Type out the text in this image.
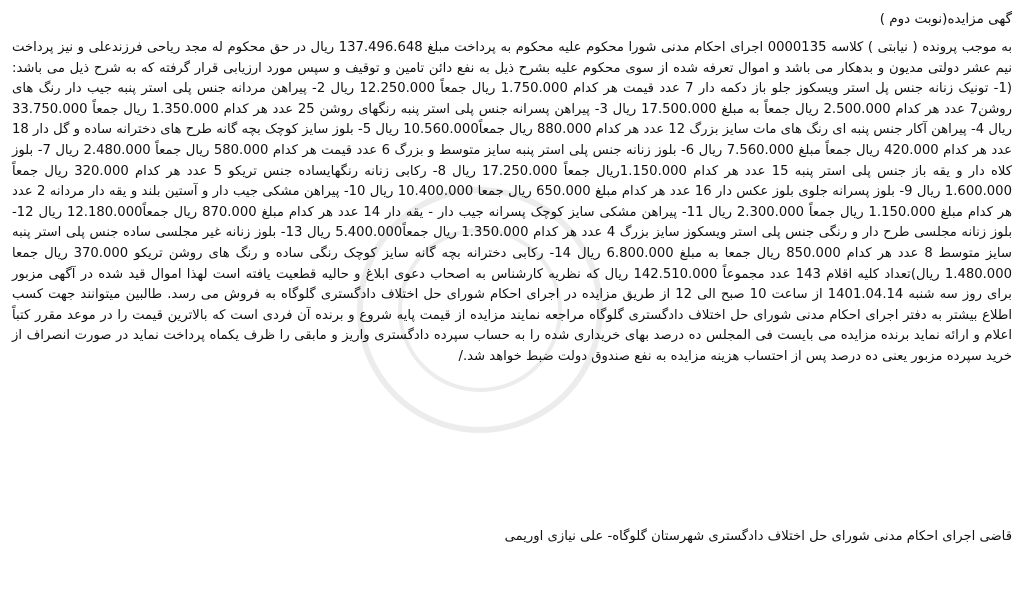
گهی مزایده(نوبت دوم )

به موجب پرونده ( نیابتی ) کلاسه 0000135 اجرای احکام مدنی شورا محکوم علیه محکوم به پرداخت مبلغ 137.496.648 ریال در حق محکوم له مجد ریاحی فرزندعلی و نیز پرداخت نیم عشر دولتی مدیون و بدهکار می باشد و اموال تعرفه شده از سوی محکوم علیه بشرح ذیل به نفع دائن تامین و توقیف و سپس مورد ارزیابی قرار گرفته که به شرح ذیل می باشد: (1- تونیک زنانه جنس پل استر ویسکوز جلو باز دکمه دار 7 عدد قیمت هر کدام 1.750.000 ریال جمعاً 12.250.000 ریال 2- پیراهن مردانه جنس پلی استر پنبه جیب دار رنگ های روشن7 عدد هر کدام 2.500.000 ریال جمعاً به مبلغ 17.500.000 ریال 3- پیراهن پسرانه جنس پلی استر پنبه رنگهای روشن 25 عدد هر کدام 1.350.000 ریال جمعاً 33.750.000 ریال 4- پیراهن آکار جنس پنبه ای رنگ های مات سایز بزرگ 12 عدد هر کدام 880.000 ریال جمعاً10.560.000 ریال 5- بلوز سایز کوچک بچه گانه طرح های دخترانه ساده و گل دار 18 عدد هر کدام 420.000 ریال جمعاً مبلغ 7.560.000 ریال 6- بلوز زنانه جنس پلی استر پنبه سایز متوسط و بزرگ 6 عدد قیمت هر کدام 580.000 ریال جمعاً 2.480.000 ریال 7- بلوز کلاه دار و یقه باز جنس پلی استر پنبه 15 عدد هر کدام 1.150.000ریال جمعاً 17.250.000 ریال 8- رکابی زنانه رنگهایساده جنس تریکو 5 عدد هر کدام 320.000 ریال جمعاً 1.600.000 ریال 9- بلوز پسرانه جلوی بلوز عکس دار 16 عدد هر کدام مبلغ 650.000 ریال جمعا 10.400.000 ریال 10- پیراهن مشکی جیب دار و آستین بلند و یقه دار مردانه 2 عدد هر کدام مبلغ 1.150.000 ریال جمعاً 2.300.000 ریال 11- پیراهن مشکی سایز کوچک پسرانه جیب دار - یقه دار 14 عدد هر کدام مبلغ 870.000 ریال جمعاً12.180.000 ریال 12- بلوز زنانه مجلسی طرح دار و رنگی جنس پلی استر ویسکوز سایز بزرگ 4 عدد هر کدام 1.350.000 ریال جمعاً5.400.000 ریال 13- بلوز زنانه غیر مجلسی ساده جنس پلی استر پنبه سایز متوسط 8 عدد هر کدام 850.000 ریال جمعا به مبلغ 6.800.000 ریال 14- رکابی دخترانه بچه گانه سایز کوچک رنگی ساده و رنگ های روشن تریکو 370.000 ریال جمعا 1.480.000 ریال)تعداد کلیه اقلام 143 عدد مجموعاً 142.510.000 ریال که نظریه کارشناس به اصحاب دعوی ابلاغ و حالیه قطعیت یافته است لهذا اموال قید شده در آگهی مزبور برای روز سه شنبه 1401.04.14 از ساعت 10 صبح الی 12 از طریق مزایده در اجرای احکام شورای حل اختلاف دادگستری گلوگاه به فروش می رسد. طالبین میتوانند جهت کسب اطلاع بیشتر به دفتر اجرای احکام مدنی شورای حل اختلاف دادگستری گلوگاه مراجعه نمایند مزایده از قیمت پایه شروع و برنده آن فردی است که بالاترین قیمت را در موعد مقرر کتباً اعلام و ارائه نماید برنده مزایده می بایست فی المجلس ده درصد بهای خریداری شده را به حساب سپرده دادگستری واریز و مابقی را ظرف یکماه پرداخت نماید در صورت انصراف از خرید سپرده مزبور یعنی ده درصد پس از احتساب هزینه مزایده به نفع صندوق دولت ضبط خواهد شد./

قاضی اجرای احکام مدنی شورای حل اختلاف دادگستری شهرستان گلوگاه- علی نیازی اوریمی
